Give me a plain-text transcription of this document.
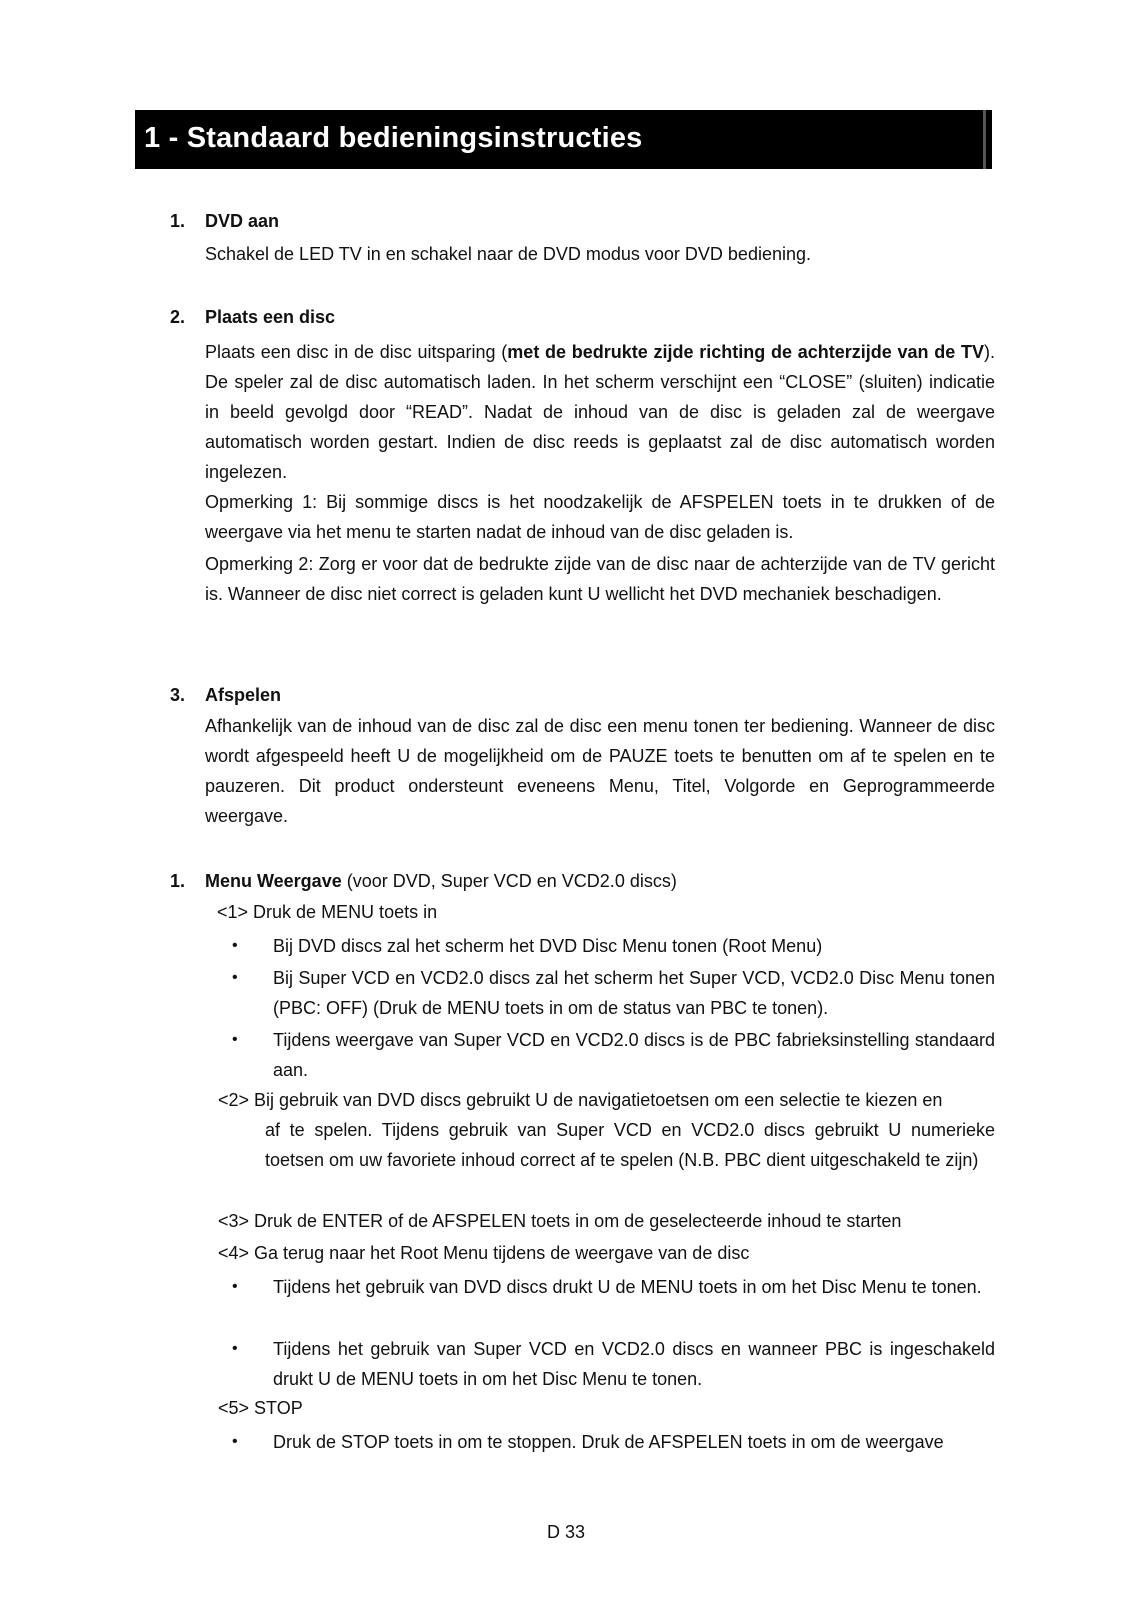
1 - Standaard bedieningsinstructies
1. DVD aan
Schakel de LED TV in en schakel naar de DVD modus voor DVD bediening.
2. Plaats een disc
Plaats een disc in de disc uitsparing (met de bedrukte zijde richting de achterzijde van de TV). De speler zal de disc automatisch laden. In het scherm verschijnt een “CLOSE” (sluiten) indicatie in beeld gevolgd door “READ”. Nadat de inhoud van de disc is geladen zal de weergave automatisch worden gestart. Indien de disc reeds is geplaatst zal de disc automatisch worden ingelezen.
Opmerking 1: Bij sommige discs is het noodzakelijk de AFSPELEN toets in te drukken of de weergave via het menu te starten nadat de inhoud van de disc geladen is.
Opmerking 2: Zorg er voor dat de bedrukte zijde van de disc naar de achterzijde van de TV gericht is. Wanneer de disc niet correct is geladen kunt U wellicht het DVD mechaniek beschadigen.
3. Afspelen
Afhankelijk van de inhoud van de disc zal de disc een menu tonen ter bediening. Wanneer de disc wordt afgespeeld heeft U de mogelijkheid om de PAUZE toets te benutten om af te spelen en te pauzeren. Dit product ondersteunt eveneens Menu, Titel, Volgorde en Geprogrammeerde weergave.
1. Menu Weergave (voor DVD, Super VCD en VCD2.0 discs)
<1> Druk de MENU toets in
•	Bij DVD discs zal het scherm het DVD Disc Menu tonen (Root Menu)
•	Bij Super VCD en VCD2.0 discs zal het scherm het Super VCD, VCD2.0 Disc Menu tonen (PBC: OFF) (Druk de MENU toets in om de status van PBC te tonen).
•	Tijdens weergave van Super VCD en VCD2.0 discs is de PBC fabrieksinstelling standaard aan.
<2> Bij gebruik van DVD discs gebruikt U de navigatietoetsen om een selectie te kiezen en
af te spelen. Tijdens gebruik van Super VCD en VCD2.0 discs gebruikt U numerieke toetsen om uw favoriete inhoud correct af te spelen (N.B. PBC dient uitgeschakeld te zijn)
<3> Druk de ENTER of de AFSPELEN toets in om de geselecteerde inhoud te starten
<4> Ga terug naar het Root Menu tijdens de weergave van de disc
•	Tijdens het gebruik van DVD discs drukt U de MENU toets in om het Disc Menu te tonen.
•	Tijdens het gebruik van Super VCD en VCD2.0 discs en wanneer PBC is ingeschakeld drukt U de MENU toets in om het Disc Menu te tonen.
<5> STOP
•	Druk de STOP toets in om te stoppen. Druk de AFSPELEN toets in om de weergave
D 33
